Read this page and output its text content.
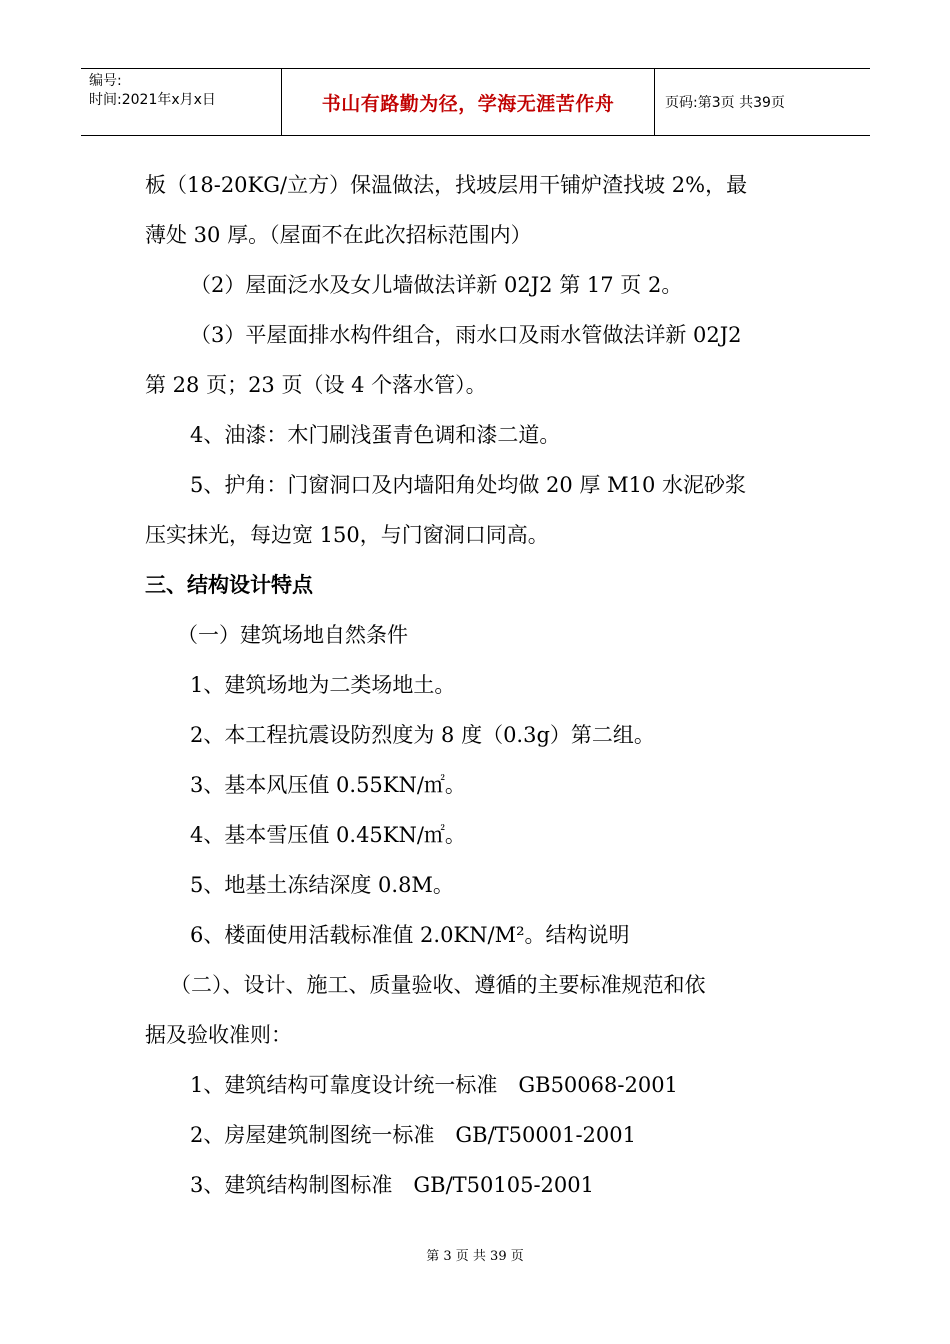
编号:
时间:2021年x月x日	书山有路勤为径，学海无涯苦作舟	页码:第3页 共39页
板（18-20KG/立方）保温做法，找坡层用干铺炉渣找坡 2%，最
薄处 30 厚。（屋面不在此次招标范围内）
（2）屋面泛水及女儿墙做法详新 02J2 第 17 页 2。
（3）平屋面排水构件组合，雨水口及雨水管做法详新 02J2
第 28 页；23 页（设 4 个落水管）。
4、油漆：木门刷浅蛋青色调和漆二道。
5、护角：门窗洞口及内墙阳角处均做 20 厚 M10 水泥砂浆
压实抹光，每边宽 150，与门窗洞口同高。
三、结构设计特点
（一）建筑场地自然条件
1、建筑场地为二类场地土。
2、本工程抗震设防烈度为 8 度（0.3g）第二组。
3、基本风压值 0.55KN/㎡。
4、基本雪压值 0.45KN/㎡。
5、地基土冻结深度 0.8M。
6、楼面使用活载标准值 2.0KN/M²。结构说明
（二）、设计、施工、质量验收、遵循的主要标准规范和依
据及验收准则：
1、建筑结构可靠度设计统一标准　GB50068-2001
2、房屋建筑制图统一标准　GB/T50001-2001
3、建筑结构制图标准　GB/T50105-2001
第 3 页 共 39 页
